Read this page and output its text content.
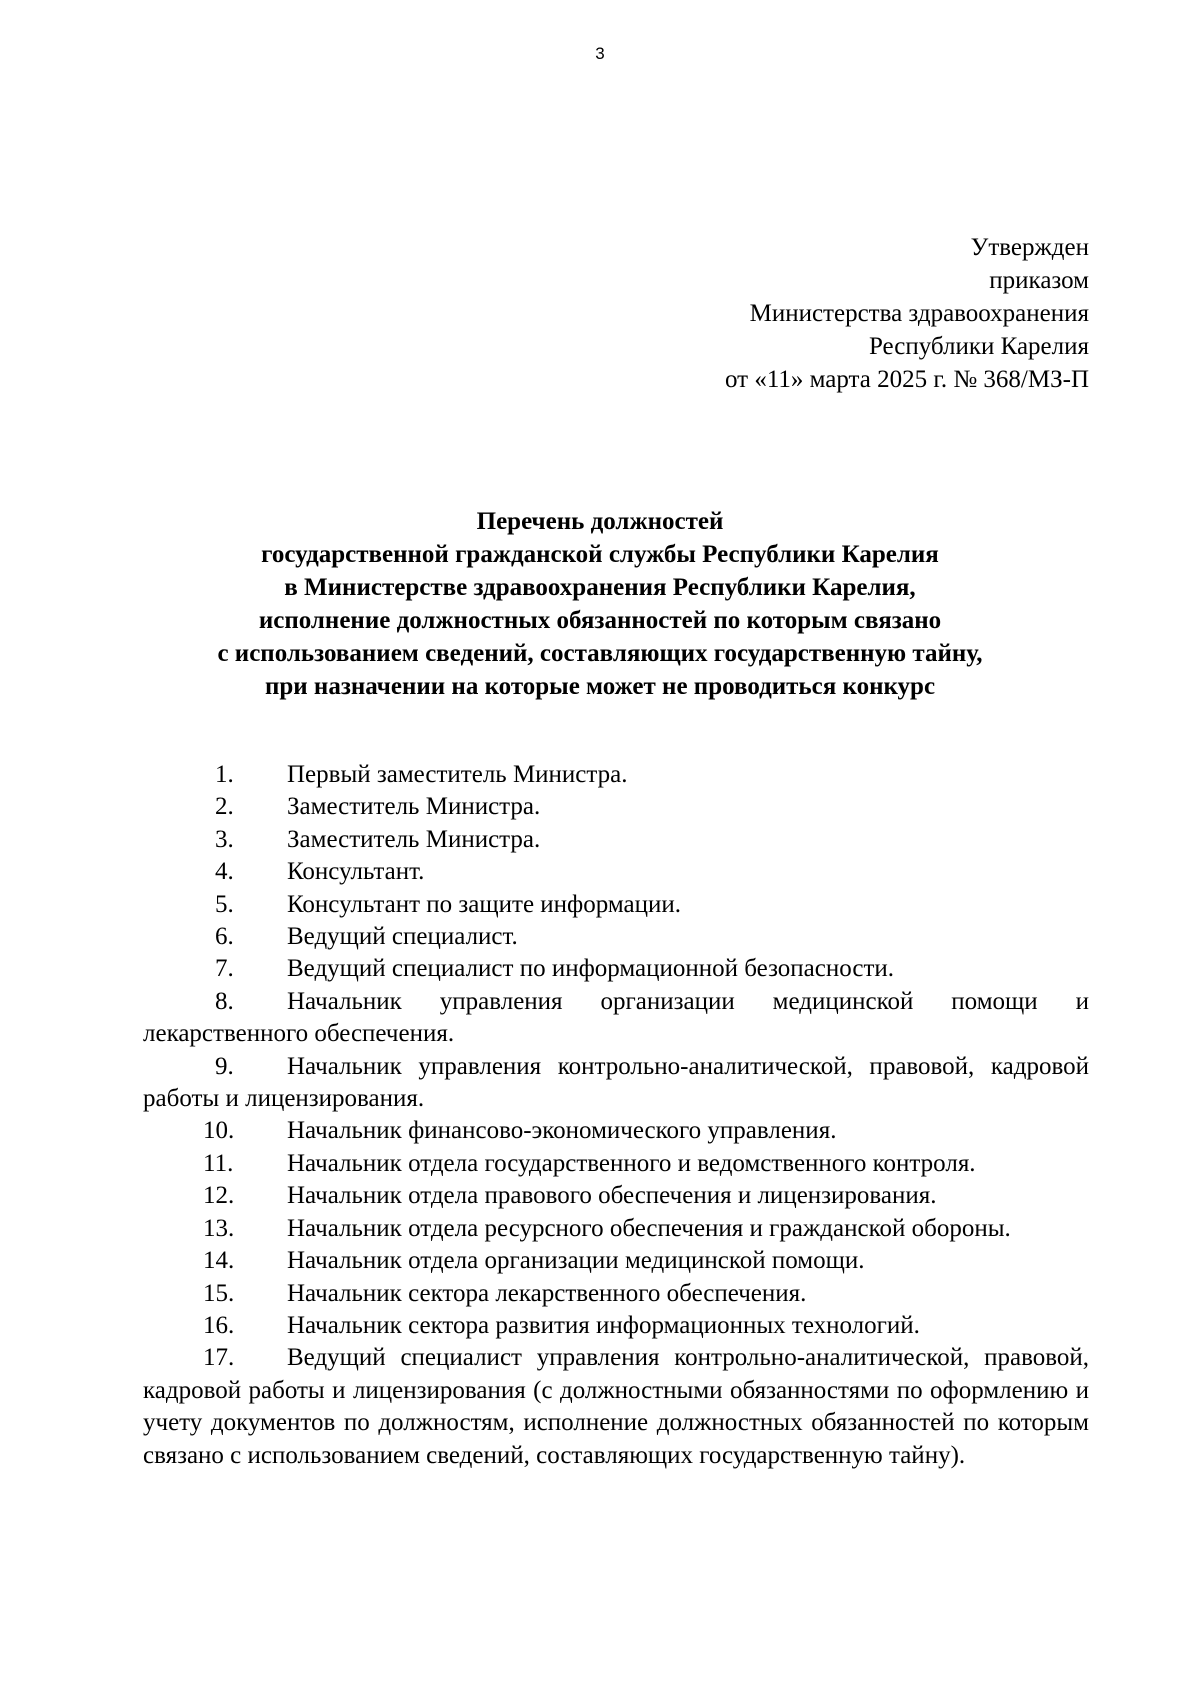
3
Утвержден
приказом
Министерства здравоохранения
Республики Карелия
от «11» марта 2025 г. № 368/МЗ-П
Перечень должностей
государственной гражданской службы Республики Карелия
в Министерстве здравоохранения Республики Карелия,
исполнение должностных обязанностей по которым связано
с использованием сведений, составляющих государственную тайну,
при назначении на которые может не проводиться конкурс
1. Первый заместитель Министра.
2. Заместитель Министра.
3. Заместитель Министра.
4. Консультант.
5. Консультант по защите информации.
6. Ведущий специалист.
7. Ведущий специалист по информационной безопасности.
8. Начальник управления организации медицинской помощи и лекарственного обеспечения.
9. Начальник управления контрольно-аналитической, правовой, кадровой работы и лицензирования.
10. Начальник финансово-экономического управления.
11. Начальник отдела государственного и ведомственного контроля.
12. Начальник отдела правового обеспечения и лицензирования.
13. Начальник отдела ресурсного обеспечения и гражданской обороны.
14. Начальник отдела организации медицинской помощи.
15. Начальник сектора лекарственного обеспечения.
16. Начальник сектора развития информационных технологий.
17. Ведущий специалист управления контрольно-аналитической, правовой, кадровой работы и лицензирования (с должностными обязанностями по оформлению и учету документов по должностям, исполнение должностных обязанностей по которым связано с использованием сведений, составляющих государственную тайну).
